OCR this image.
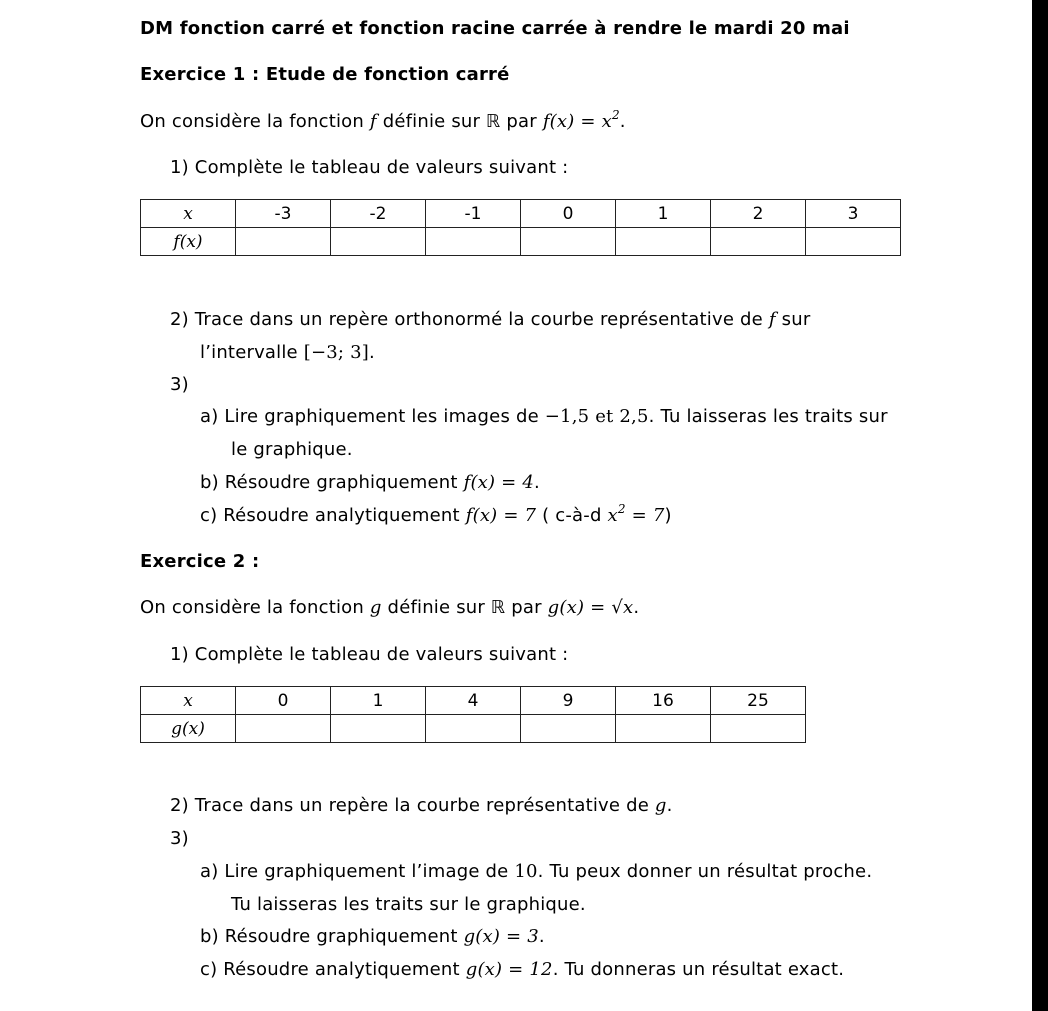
DM fonction carré et fonction racine carrée à rendre le mardi 20 mai
Exercice 1 : Etude de fonction carré
On considère la fonction f définie sur ℝ par $f(x) = x^2$.
1) Complète le tableau de valeurs suivant :
x	-3	-2	-1	0	1	2	3
f(x)							
2) Trace dans un repère orthonormé la courbe représentative de f sur
l’intervalle [−3; 3].
3)
a) Lire graphiquement les images de −1,5 et 2,5. Tu laisseras les traits sur
le graphique.
b) Résoudre graphiquement f(x) = 4.
c) Résoudre analytiquement f(x) = 7 ( c-à-d $x^2 = 7$)
Exercice 2 :
On considère la fonction g définie sur ℝ par g(x) = √x.
1) Complète le tableau de valeurs suivant :
x	0	1	4	9	16	25
g(x)						
2) Trace dans un repère la courbe représentative de g.
3)
a) Lire graphiquement l’image de 10. Tu peux donner un résultat proche.
Tu laisseras les traits sur le graphique.
b) Résoudre graphiquement g(x) = 3.
c) Résoudre analytiquement g(x) = 12. Tu donneras un résultat exact.
